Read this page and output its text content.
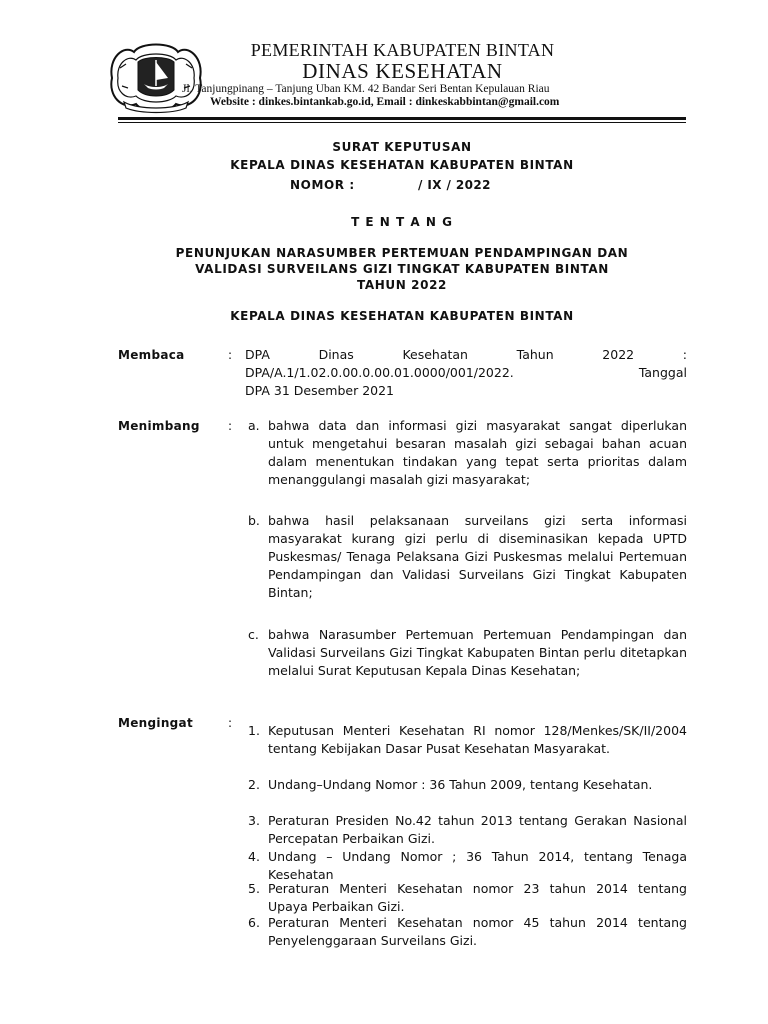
PEMERINTAH KABUPATEN BINTAN
DINAS KESEHATAN
Jl. Tanjungpinang – Tanjung Uban KM. 42 Bandar Seri Bentan Kepulauan Riau
Website : dinkes.bintankab.go.id, Email : dinkeskabbintan@gmail.com
SURAT KEPUTUSAN
KEPALA DINAS KESEHATAN KABUPATEN BINTAN
NOMOR :	/ IX / 2022
T E N T A N G
PENUNJUKAN NARASUMBER PERTEMUAN PENDAMPINGAN DAN
VALIDASI SURVEILANS GIZI TINGKAT KABUPATEN BINTAN
TAHUN 2022
KEPALA DINAS KESEHATAN KABUPATEN BINTAN
Membaca	: DPA Dinas Kesehatan Tahun 2022 :
DPA/A.1/1.02.0.00.0.00.01.0000/001/2022. Tanggal
DPA 31 Desember 2021
Menimbang : a. bahwa data dan informasi gizi masyarakat sangat diperlukan untuk mengetahui besaran masalah gizi sebagai bahan acuan dalam menentukan tindakan yang tepat serta prioritas dalam menanggulangi masalah gizi masyarakat;
b. bahwa hasil pelaksanaan surveilans gizi serta informasi masyarakat kurang gizi perlu di diseminasikan kepada UPTD Puskesmas/ Tenaga Pelaksana Gizi Puskesmas melalui Pertemuan Pendampingan dan Validasi Surveilans Gizi Tingkat Kabupaten Bintan;
c. bahwa Narasumber Pertemuan Pertemuan Pendampingan dan Validasi Surveilans Gizi Tingkat Kabupaten Bintan perlu ditetapkan melalui Surat Keputusan Kepala Dinas Kesehatan;
Mengingat	: 1. Keputusan Menteri Kesehatan RI nomor 128/Menkes/SK/II/2004 tentang Kebijakan Dasar Pusat Kesehatan Masyarakat.
2. Undang–Undang Nomor : 36 Tahun 2009, tentang Kesehatan.
3. Peraturan Presiden No.42 tahun 2013 tentang Gerakan Nasional Percepatan Perbaikan Gizi.
4. Undang – Undang Nomor ; 36 Tahun 2014, tentang Tenaga Kesehatan
5. Peraturan Menteri Kesehatan nomor 23 tahun 2014 tentang Upaya Perbaikan Gizi.
6. Peraturan Menteri Kesehatan nomor 45 tahun 2014 tentang Penyelenggaraan Surveilans Gizi.
